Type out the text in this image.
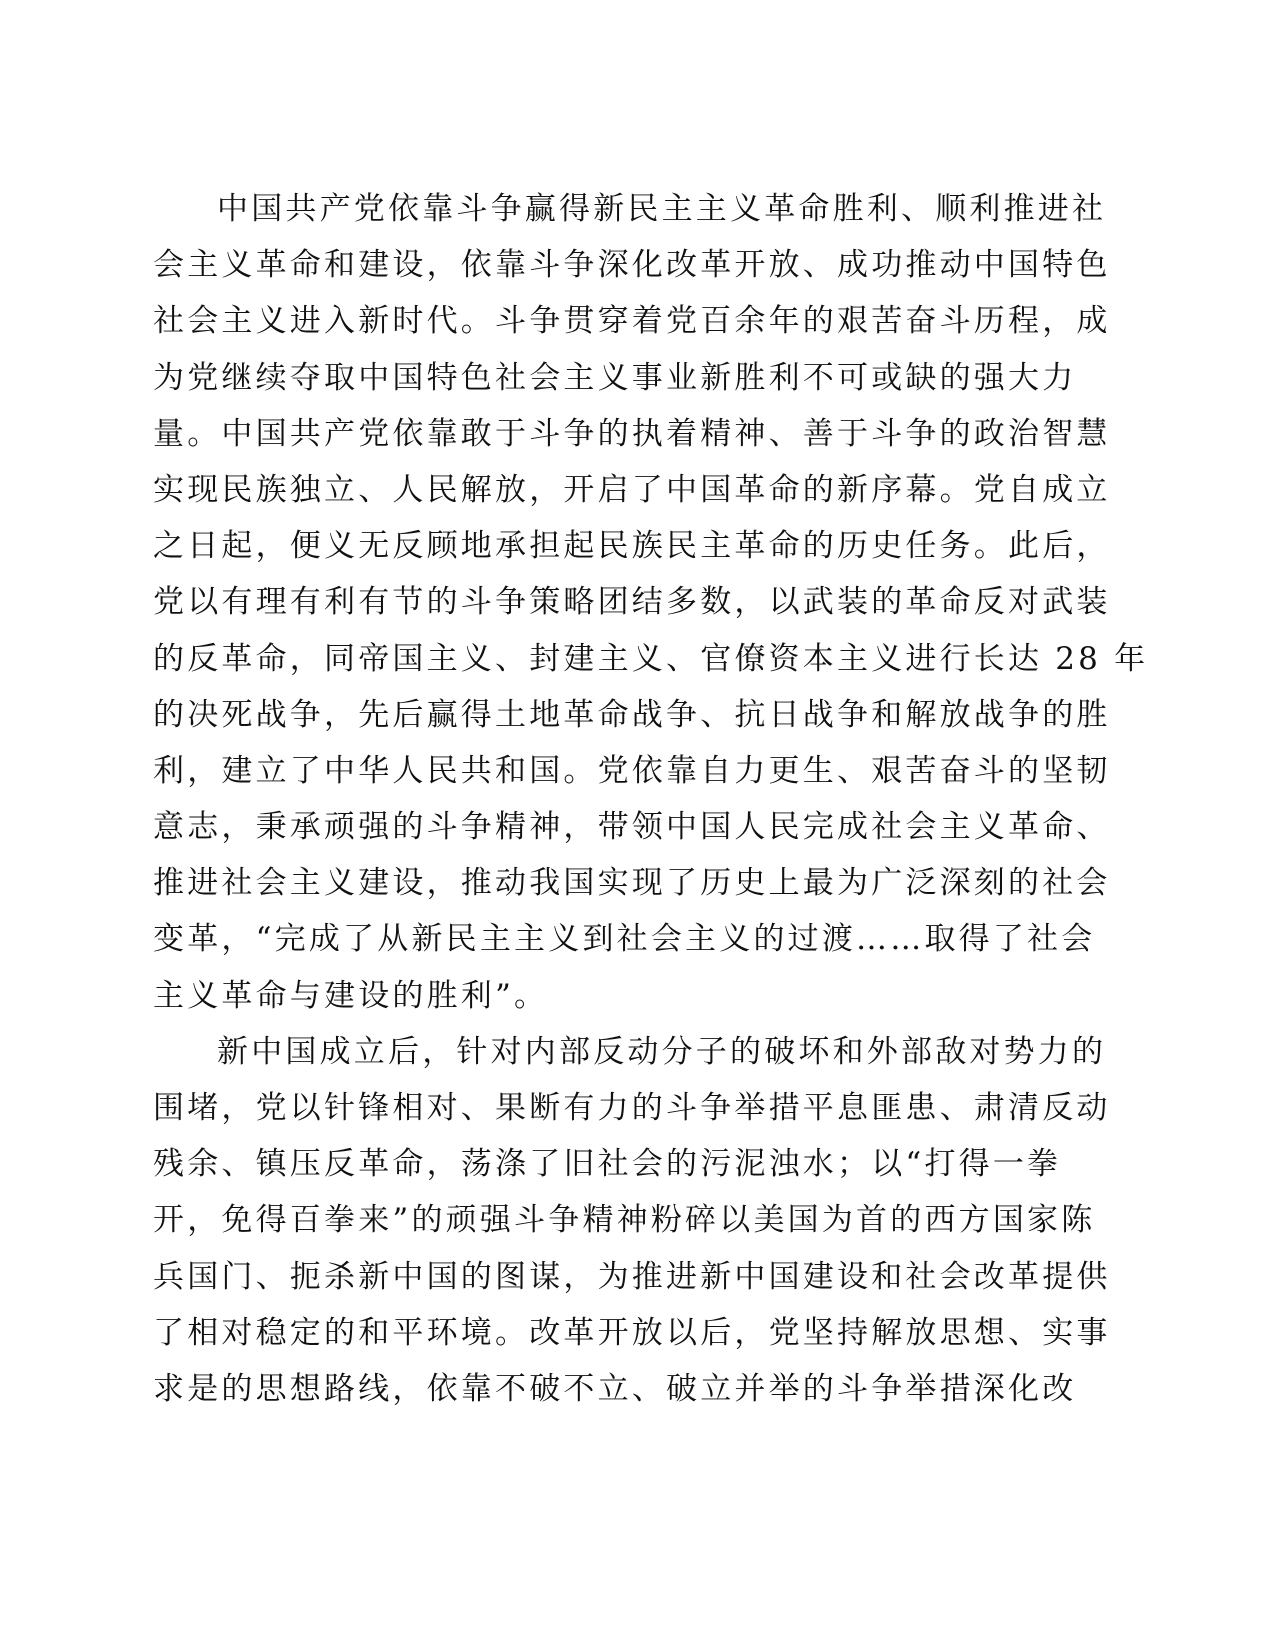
中国共产党依靠斗争赢得新民主主义革命胜利、顺利推进社
会主义革命和建设，依靠斗争深化改革开放、成功推动中国特色
社会主义进入新时代。斗争贯穿着党百余年的艰苦奋斗历程，成
为党继续夺取中国特色社会主义事业新胜利不可或缺的强大力
量。中国共产党依靠敢于斗争的执着精神、善于斗争的政治智慧
实现民族独立、人民解放，开启了中国革命的新序幕。党自成立
之日起，便义无反顾地承担起民族民主革命的历史任务。此后，
党以有理有利有节的斗争策略团结多数，以武装的革命反对武装
的反革命，同帝国主义、封建主义、官僚资本主义进行长达 28 年
的决死战争，先后赢得土地革命战争、抗日战争和解放战争的胜
利，建立了中华人民共和国。党依靠自力更生、艰苦奋斗的坚韧
意志，秉承顽强的斗争精神，带领中国人民完成社会主义革命、
推进社会主义建设，推动我国实现了历史上最为广泛深刻的社会
变革，“完成了从新民主主义到社会主义的过渡……取得了社会
主义革命与建设的胜利”。
新中国成立后，针对内部反动分子的破坏和外部敌对势力的
围堵，党以针锋相对、果断有力的斗争举措平息匪患、肃清反动
残余、镇压反革命，荡涤了旧社会的污泥浊水；以“打得一拳
开，免得百拳来”的顽强斗争精神粉碎以美国为首的西方国家陈
兵国门、扼杀新中国的图谋，为推进新中国建设和社会改革提供
了相对稳定的和平环境。改革开放以后，党坚持解放思想、实事
求是的思想路线，依靠不破不立、破立并举的斗争举措深化改
